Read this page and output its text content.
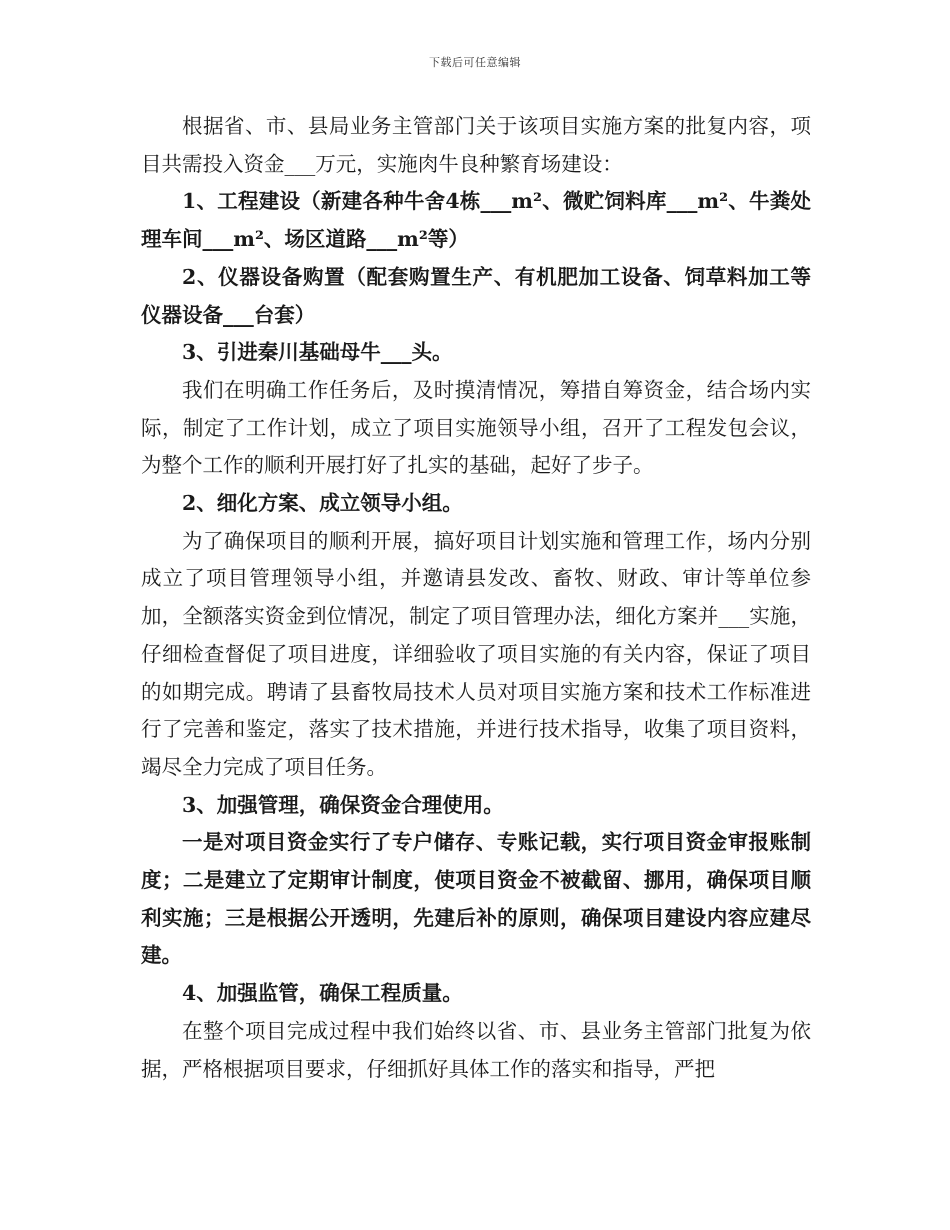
下载后可任意编辑

根据省、市、县局业务主管部门关于该项目实施方案的批复内容，项目共需投入资金___万元，实施肉牛良种繁育场建设：

1、工程建设（新建各种牛舍4栋___m²、微贮饲料库___m²、牛粪处理车间___m²、场区道路___m²等）

2、仪器设备购置（配套购置生产、有机肥加工设备、饲草料加工等仪器设备___台套）

3、引进秦川基础母牛___头。

我们在明确工作任务后，及时摸清情况，筹措自筹资金，结合场内实际，制定了工作计划，成立了项目实施领导小组，召开了工程发包会议，为整个工作的顺利开展打好了扎实的基础，起好了步子。

2、细化方案、成立领导小组。

为了确保项目的顺利开展，搞好项目计划实施和管理工作，场内分别成立了项目管理领导小组，并邀请县发改、畜牧、财政、审计等单位参加，全额落实资金到位情况，制定了项目管理办法，细化方案并___实施，仔细检查督促了项目进度，详细验收了项目实施的有关内容，保证了项目的如期完成。聘请了县畜牧局技术人员对项目实施方案和技术工作标准进行了完善和鉴定，落实了技术措施，并进行技术指导，收集了项目资料，竭尽全力完成了项目任务。

3、加强管理，确保资金合理使用。

一是对项目资金实行了专户储存、专账记载，实行项目资金审报账制度；二是建立了定期审计制度，使项目资金不被截留、挪用，确保项目顺利实施；三是根据公开透明，先建后补的原则，确保项目建设内容应建尽建。

4、加强监管，确保工程质量。

在整个项目完成过程中我们始终以省、市、县业务主管部门批复为依据，严格根据项目要求，仔细抓好具体工作的落实和指导，严把
